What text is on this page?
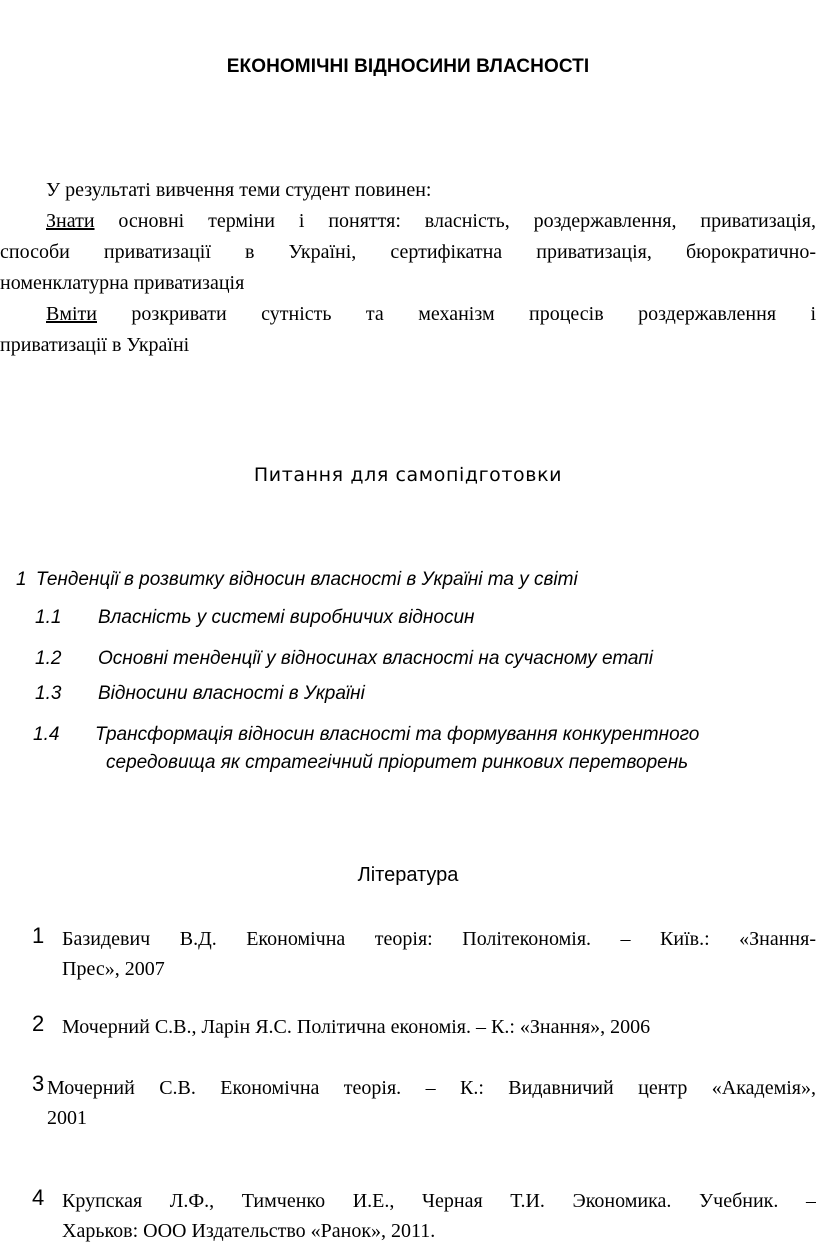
ЕКОНОМІЧНІ ВІДНОСИНИ ВЛАСНОСТІ
У результаті вивчення теми студент повинен:
Знати основні терміни і поняття: власність, роздержавлення, приватизація,
способи приватизації в Україні, сертифікатна приватизація, бюрократично-
номенклатурна приватизація
Вміти розкривати сутність та механізм процесів роздержавлення і
приватизації в Україні
Питання для самопідготовки
1 Тенденції в розвитку відносин власності в Україні та у світі
1.1 Власність у системі виробничих відносин
1.2 Основні тенденції у відносинах власності на сучасному етапі
1.3 Відносини власності в Україні
1.4 Трансформація відносин власності та формування конкурентного
середовища як стратегічний пріоритет ринкових перетворень
Література
1 Базидевич В.Д. Економічна теорія: Політекономія. – Київ.: «Знання-
Прес», 2007
2 Мочерний С.В., Ларін Я.С. Політична економія. – К.: «Знання», 2006
3 Мочерний С.В. Економічна теорія. – К.: Видавничий центр «Академія»,
2001
4 Крупская Л.Ф., Тимченко И.Е., Черная Т.И. Экономика. Учебник. –
Харьков: ООО Издательство «Ранок», 2011.
